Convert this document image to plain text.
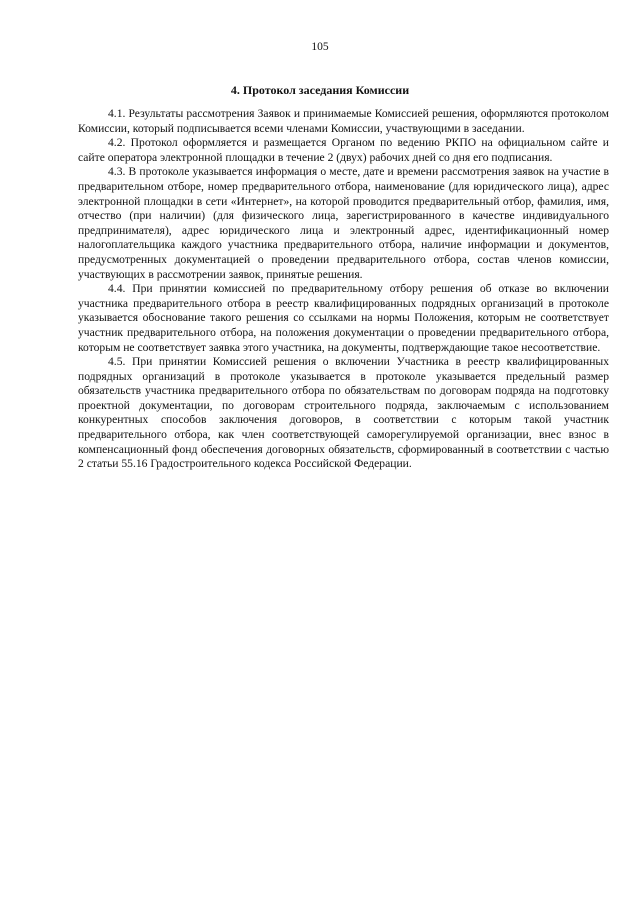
105
4. Протокол заседания Комиссии

4.1. Результаты рассмотрения Заявок и принимаемые Комиссией решения, оформляются протоколом Комиссии, который подписывается всеми членами Комиссии, участвующими в заседании.

4.2. Протокол оформляется и размещается Органом по ведению РКПО на официальном сайте и сайте оператора электронной площадки в течение 2 (двух) рабочих дней со дня его подписания.

4.3. В протоколе указывается информация о месте, дате и времени рассмотрения заявок на участие в предварительном отборе, номер предварительного отбора, наименование (для юридического лица), адрес электронной площадки в сети «Интернет», на которой проводится предварительный отбор, фамилия, имя, отчество (при наличии) (для физического лица, зарегистрированного в качестве индивидуального предпринимателя), адрес юридического лица и электронный адрес, идентификационный номер налогоплательщика каждого участника предварительного отбора, наличие информации и документов, предусмотренных документацией о проведении предварительного отбора, состав членов комиссии, участвующих в рассмотрении заявок, принятые решения.

4.4. При принятии комиссией по предварительному отбору решения об отказе во включении участника предварительного отбора в реестр квалифицированных подрядных организаций в протоколе указывается обоснование такого решения со ссылками на нормы Положения, которым не соответствует участник предварительного отбора, на положения документации о проведении предварительного отбора, которым не соответствует заявка этого участника, на документы, подтверждающие такое несоответствие.

4.5. При принятии Комиссией решения о включении Участника в реестр квалифицированных подрядных организаций в протоколе указывается в протоколе указывается предельный размер обязательств участника предварительного отбора по обязательствам по договорам подряда на подготовку проектной документации, по договорам строительного подряда, заключаемым с использованием конкурентных способов заключения договоров, в соответствии с которым такой участник предварительного отбора, как член соответствующей саморегулируемой организации, внес взнос в компенсационный фонд обеспечения договорных обязательств, сформированный в соответствии с частью 2 статьи 55.16 Градостроительного кодекса Российской Федерации.
